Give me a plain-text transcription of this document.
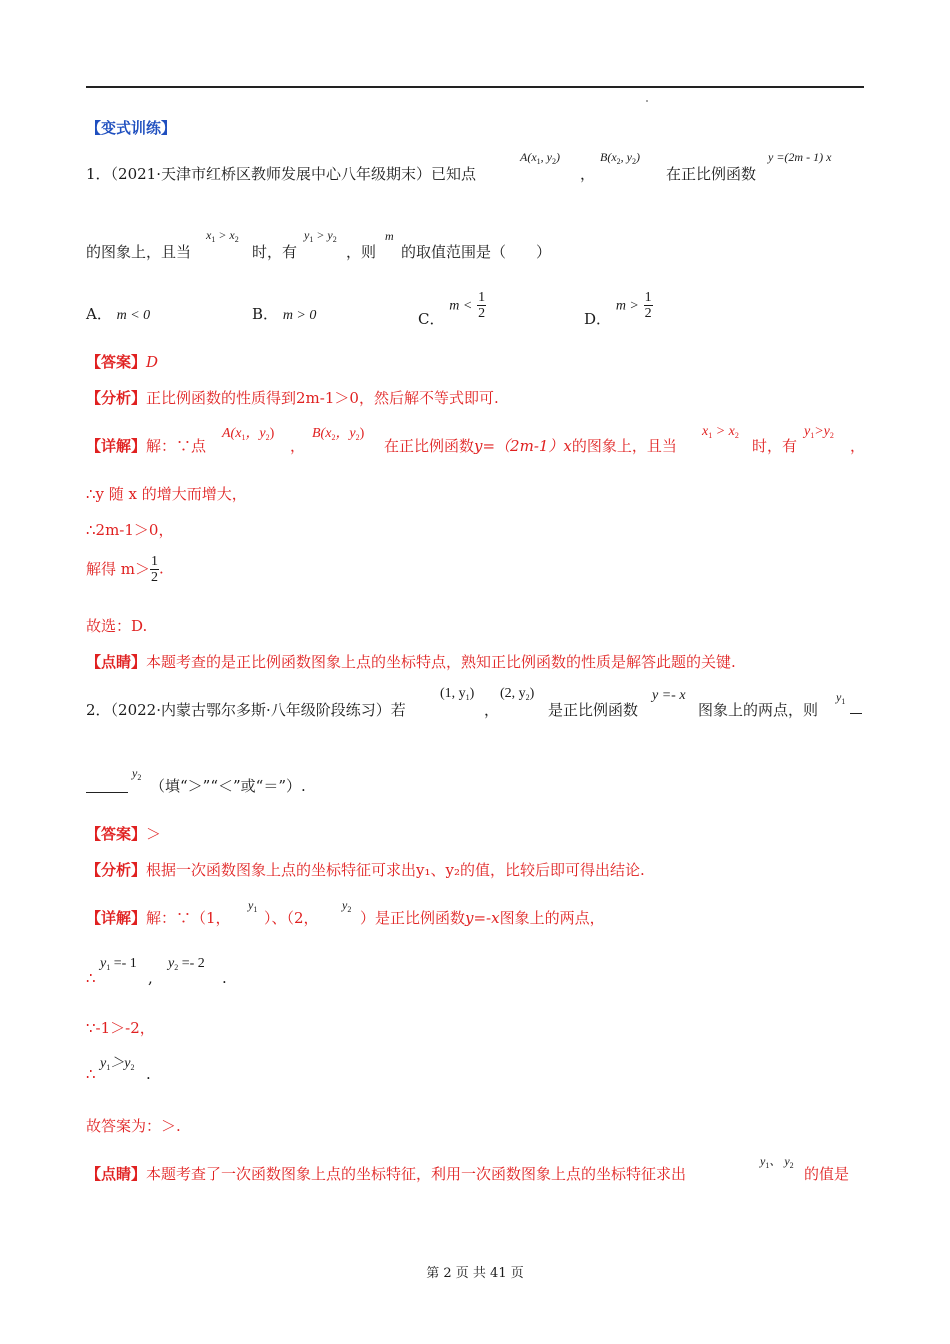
【变式训练】
1．（2021·天津市红桥区教师发展中心八年级期末）已知点
$A(x_1$, $y_2$)
，
$B(x_2$, $y_2$)
在正比例函数
y =(2m - 1) x
的图象上，且当
$x_1 > x_2$
时，有
$y_1 > y_2$
，则
m
的取值范围是（　　）
A． m < 0	B． m > 0	C． $m < \frac{1}{2}$	D． $m > \frac{1}{2}$
【答案】D
【分析】正比例函数的性质得到2m-1＞0，然后解不等式即可.
【详解】解：∵点
$A(x_1$，$y_2$)
，
$B(x_2$，$y_2$)
在正比例函数y=（2m-1）x的图象上，且当
$x_1 > x_2$
时，有
$y_1>y_2$
，
∴y 随 x 的增大而增大，
∴2m-1＞0，
解得 $m> \frac{1}{2}$ .
故选：D.
【点睛】本题考查的是正比例函数图象上点的坐标特点，熟知正比例函数的性质是解答此题的关键.
2．（2022·内蒙古鄂尔多斯·八年级阶段练习）若
(1, $y_1$)
，
(2, $y_2$)
是正比例函数
y =- x
图象上的两点，则
$y_1$
$y_2$ （填“＞”“＜”或“＝”）.
【答案】＞
【分析】根据一次函数图象上点的坐标特征可求出y₁、y₂的值，比较后即可得出结论.
【详解】解：∵（1，
$y_1$ ）、（2，
$y_2$ ）是正比例函数y=-x图象上的两点，
∴
$y_1 =- 1$
,
$y_2 =- 2$
.
∵-1＞-2，
∴
$y_1>y_2$ .
故答案为：＞.
【点睛】本题考查了一次函数图象上点的坐标特征，利用一次函数图象上点的坐标特征求出
$y_1$、 $y_2$ 的值是
第 2 页 共 41 页
